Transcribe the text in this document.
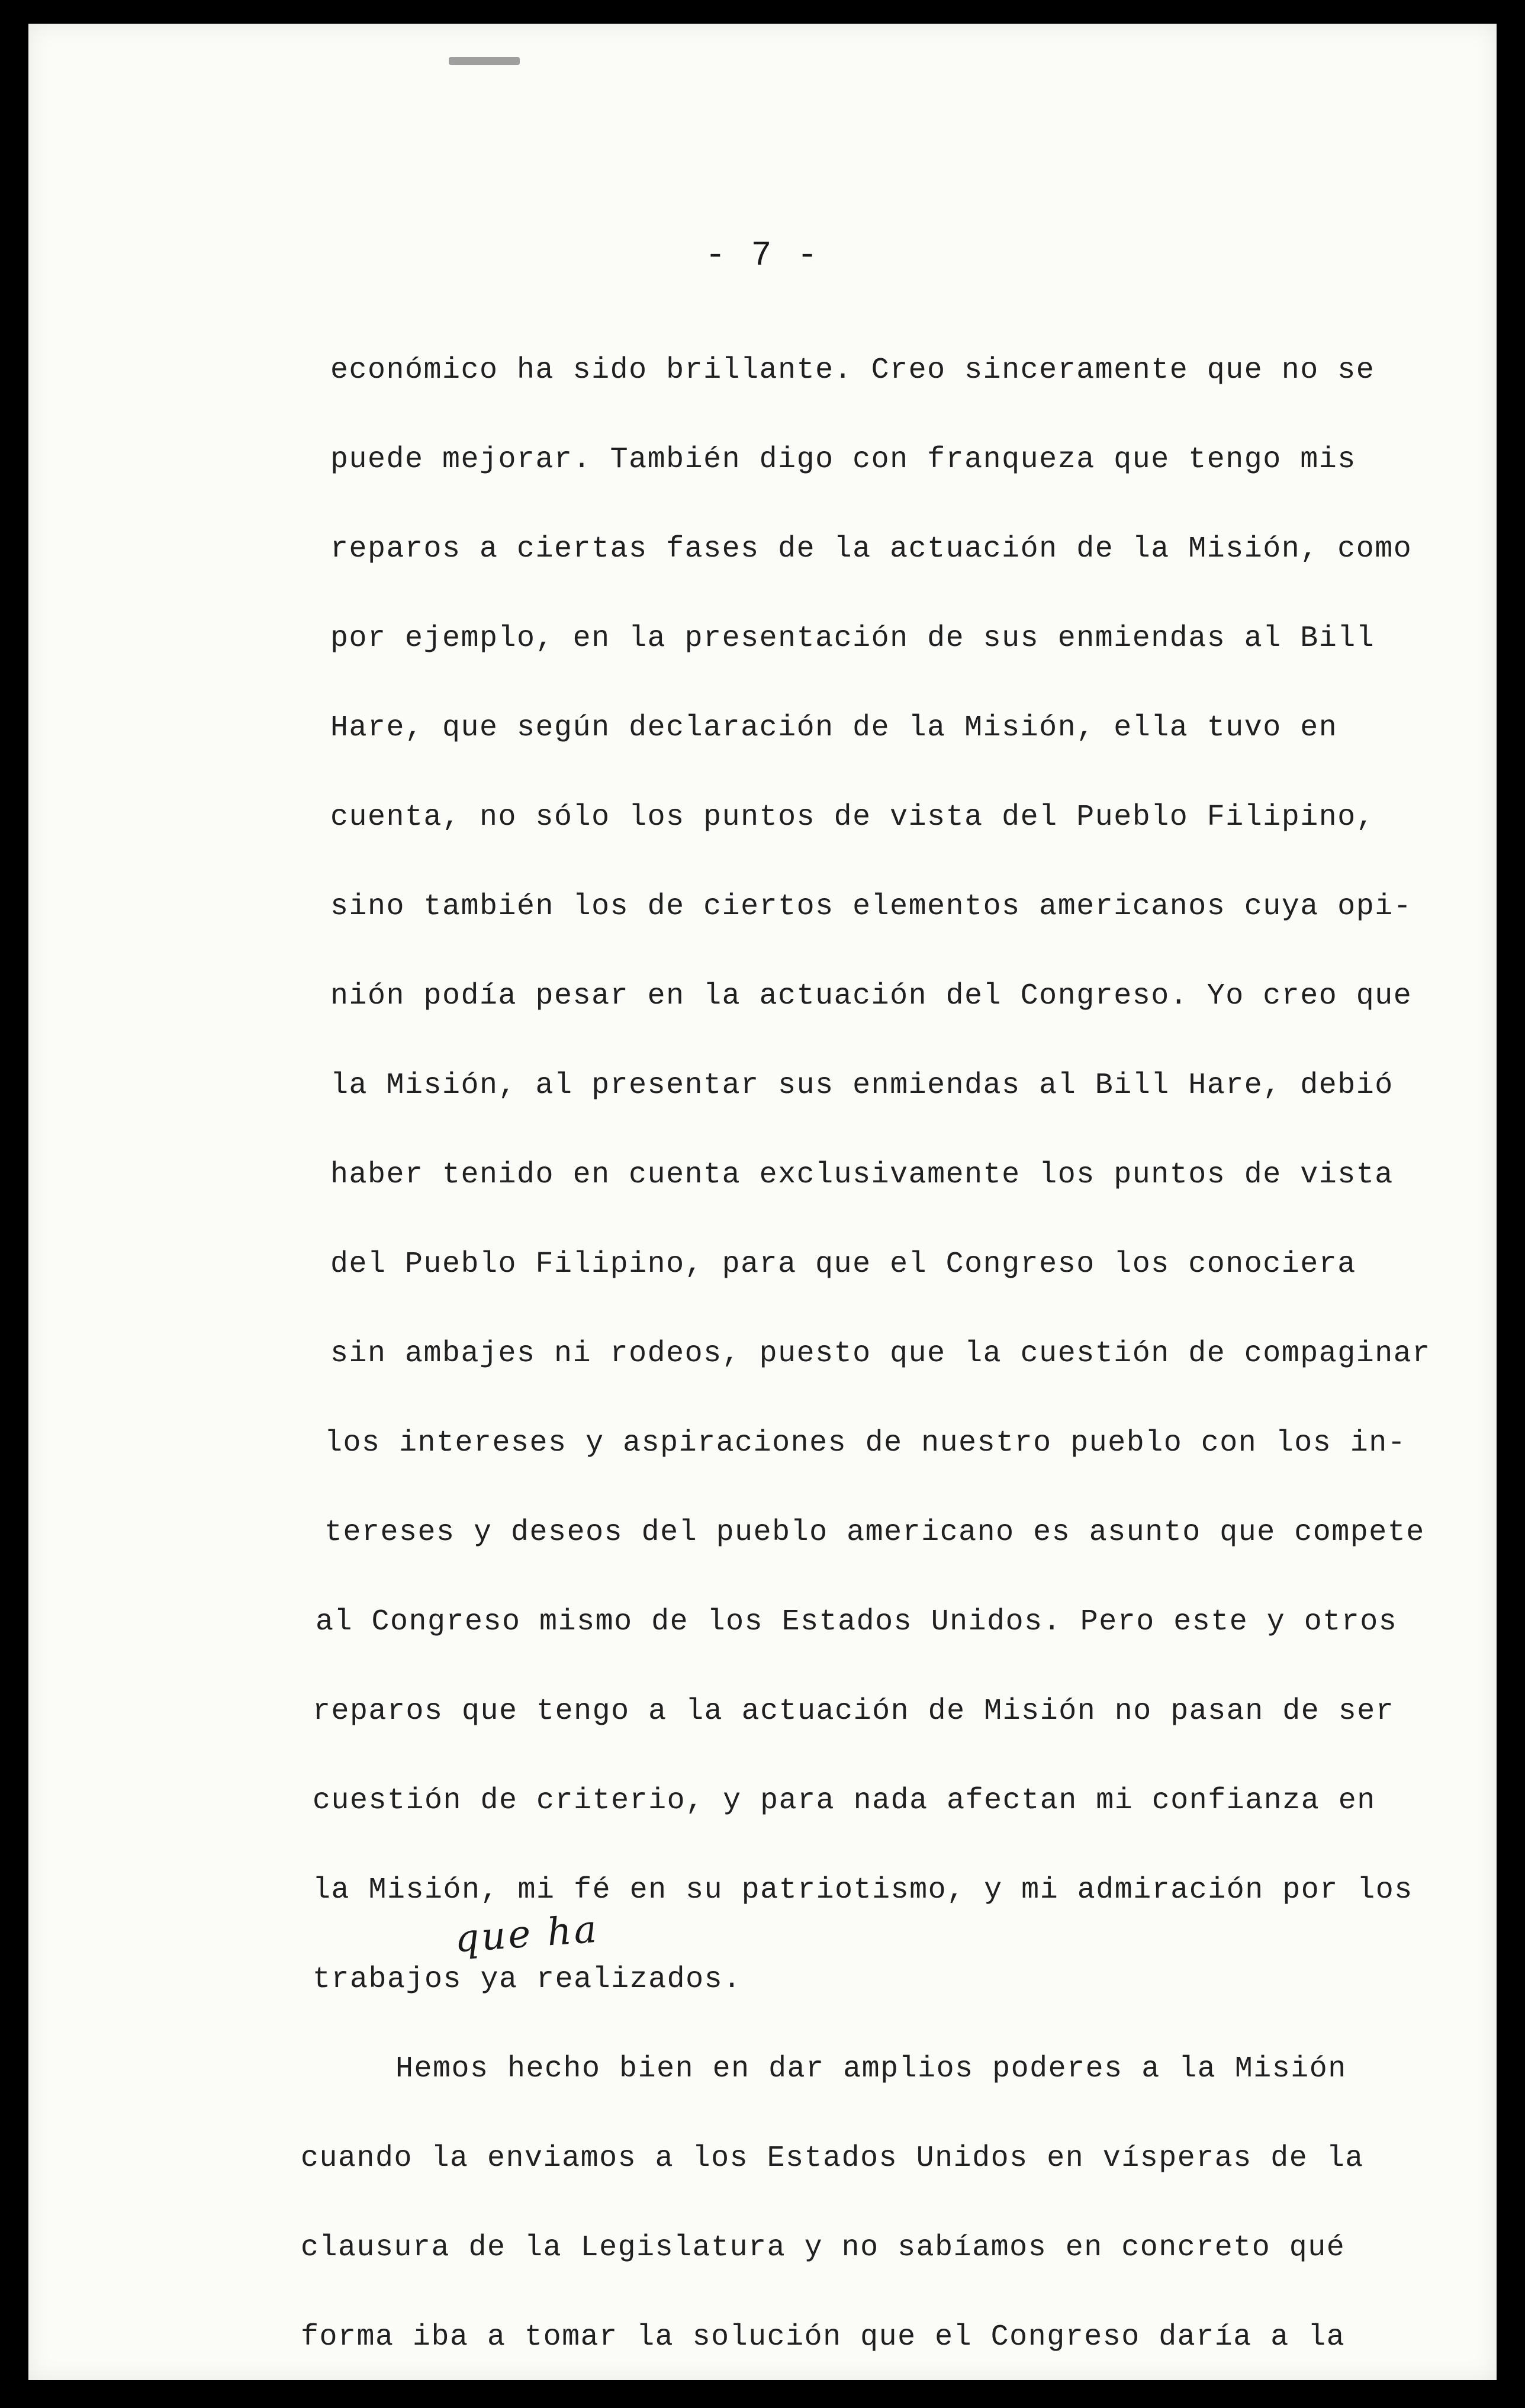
- 7 -
económico ha sido brillante. Creo sinceramente que no se
puede mejorar. También digo con franqueza que tengo mis
reparos a ciertas fases de la actuación de la Misión, como
por ejemplo, en la presentación de sus enmiendas al Bill
Hare, que según declaración de la Misión, ella tuvo en
cuenta, no sólo los puntos de vista del Pueblo Filipino,
sino también los de ciertos elementos americanos cuya opi-
nión podía pesar en la actuación del Congreso. Yo creo que
la Misión, al presentar sus enmiendas al Bill Hare, debió
haber tenido en cuenta exclusivamente los puntos de vista
del Pueblo Filipino, para que el Congreso los conociera
sin ambajes ni rodeos, puesto que la cuestión de compaginar
los intereses y aspiraciones de nuestro pueblo con los in-
tereses y deseos del pueblo americano es asunto que compete
al Congreso mismo de los Estados Unidos. Pero este y otros
reparos que tengo a la actuación de Misión no pasan de ser
cuestión de criterio, y para nada afectan mi confianza en
la Misión, mi fé en su patriotismo, y mi admiración por los
trabajos ya realizados.
Hemos hecho bien en dar amplios poderes a la Misión
cuando la enviamos a los Estados Unidos en vísperas de la
clausura de la Legislatura y no sabíamos en concreto qué
forma iba a tomar la solución que el Congreso daría a la
que ha
